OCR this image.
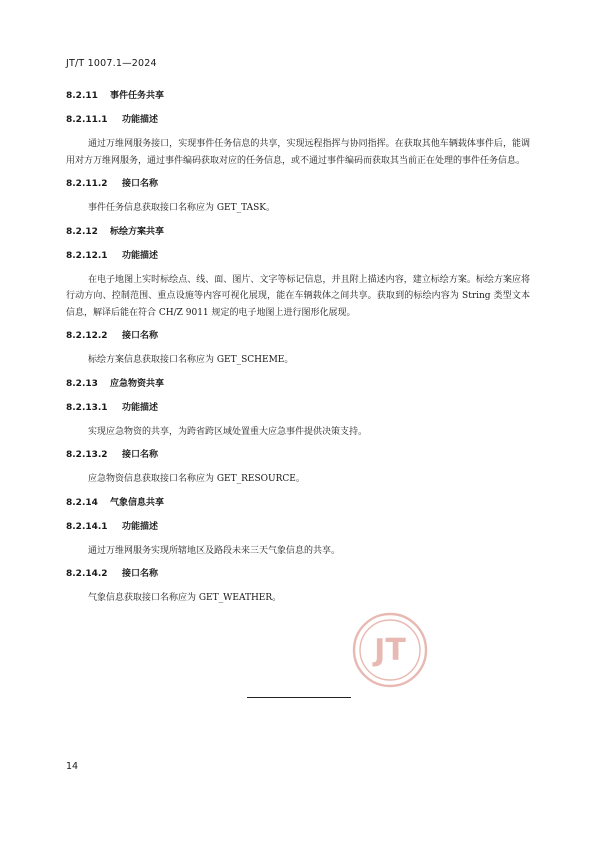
JT/T 1007.1—2024
8.2.11 事件任务共享
8.2.11.1 功能描述

通过万维网服务接口，实现事件任务信息的共享，实现远程指挥与协同指挥。在获取其他车辆载体事件后，能调用对方万维网服务，通过事件编码获取对应的任务信息，或不通过事件编码而获取其当前正在处理的事件任务信息。

8.2.11.2 接口名称

事件任务信息获取接口名称应为 GET_TASK。

8.2.12 标绘方案共享
8.2.12.1 功能描述

在电子地图上实时标绘点、线、面、图片、文字等标记信息，并且附上描述内容，建立标绘方案。标绘方案应将行动方向、控制范围、重点设施等内容可视化展现，能在车辆载体之间共享。获取到的标绘内容为 String 类型文本信息，解译后能在符合 CH/Z 9011 规定的电子地图上进行图形化展现。

8.2.12.2 接口名称

标绘方案信息获取接口名称应为 GET_SCHEME。

8.2.13 应急物资共享
8.2.13.1 功能描述

实现应急物资的共享，为跨省跨区域处置重大应急事件提供决策支持。

8.2.13.2 接口名称

应急物资信息获取接口名称应为 GET_RESOURCE。

8.2.14 气象信息共享
8.2.14.1 功能描述

通过万维网服务实现所辖地区及路段未来三天气象信息的共享。

8.2.14.2 接口名称

气象信息获取接口名称应为 GET_WEATHER。

JT
14
